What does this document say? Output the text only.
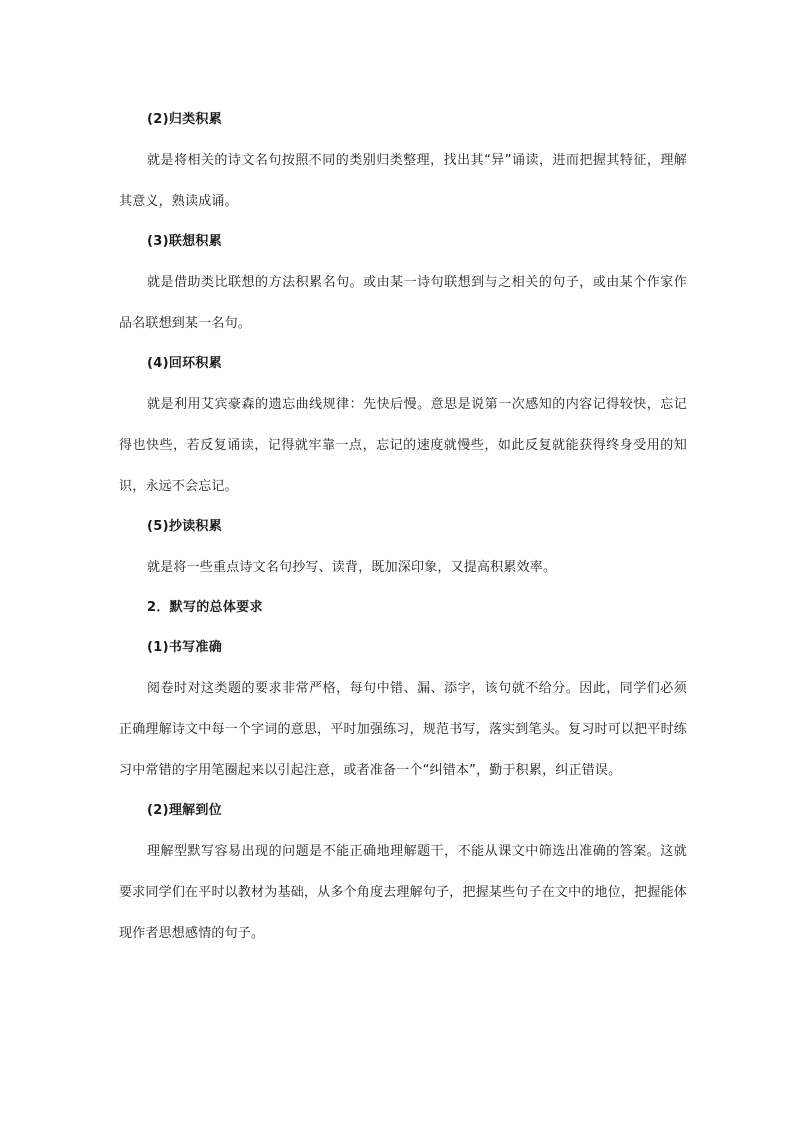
(2)归类积累

就是将相关的诗文名句按照不同的类别归类整理，找出其“异”诵读，进而把握其特征，理解其意义，熟读成诵。

(3)联想积累

就是借助类比联想的方法积累名句。或由某一诗句联想到与之相关的句子，或由某个作家作品名联想到某一名句。

(4)回环积累

就是利用艾宾豪森的遗忘曲线规律：先快后慢。意思是说第一次感知的内容记得较快，忘记得也快些，若反复诵读，记得就牢靠一点，忘记的速度就慢些，如此反复就能获得终身受用的知识，永远不会忘记。

(5)抄读积累

就是将一些重点诗文名句抄写、读背，既加深印象，又提高积累效率。

2．默写的总体要求

(1)书写准确

阅卷时对这类题的要求非常严格，每句中错、漏、添字，该句就不给分。因此，同学们必须正确理解诗文中每一个字词的意思，平时加强练习，规范书写，落实到笔头。复习时可以把平时练习中常错的字用笔圈起来以引起注意，或者准备一个“纠错本”，勤于积累，纠正错误。

(2)理解到位

理解型默写容易出现的问题是不能正确地理解题干，不能从课文中筛选出准确的答案。这就要求同学们在平时以教材为基础，从多个角度去理解句子，把握某些句子在文中的地位，把握能体现作者思想感情的句子。
